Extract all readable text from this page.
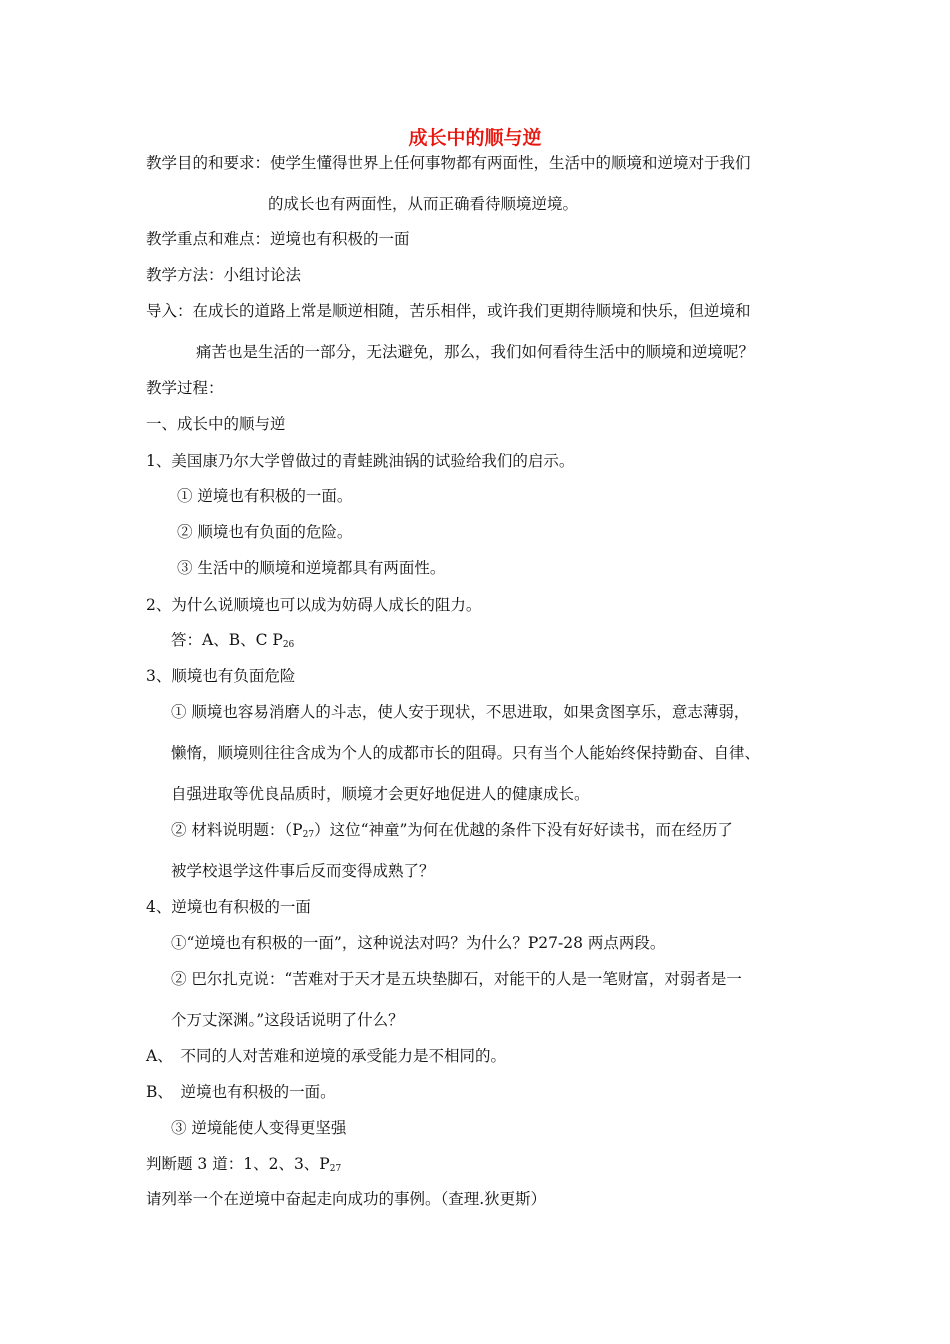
成长中的顺与逆
教学目的和要求：使学生懂得世界上任何事物都有两面性，生活中的顺境和逆境对于我们
的成长也有两面性，从而正确看待顺境逆境。
教学重点和难点：逆境也有积极的一面
教学方法：小组讨论法
导入：在成长的道路上常是顺逆相随，苦乐相伴，或许我们更期待顺境和快乐，但逆境和
痛苦也是生活的一部分，无法避免，那么，我们如何看待生活中的顺境和逆境呢？
教学过程：
一、成长中的顺与逆
1、美国康乃尔大学曾做过的青蛙跳油锅的试验给我们的启示。
① 逆境也有积极的一面。
② 顺境也有负面的危险。
③ 生活中的顺境和逆境都具有两面性。
2、为什么说顺境也可以成为妨碍人成长的阻力。
答：A、B、C P26
3、顺境也有负面危险
① 顺境也容易消磨人的斗志，使人安于现状，不思进取，如果贪图享乐，意志薄弱，
懒惰，顺境则往往含成为个人的成都市长的阻碍。只有当个人能始终保持勤奋、自律、
自强进取等优良品质时，顺境才会更好地促进人的健康成长。
② 材料说明题：（P27）这位“神童”为何在优越的条件下没有好好读书，而在经历了
被学校退学这件事后反而变得成熟了？
4、逆境也有积极的一面
①“逆境也有积极的一面”，这种说法对吗？为什么？P27-28 两点两段。
② 巴尔扎克说：“苦难对于天才是五块垫脚石，对能干的人是一笔财富，对弱者是一
个万丈深渊。”这段话说明了什么？
A、　不同的人对苦难和逆境的承受能力是不相同的。
B、　逆境也有积极的一面。
③ 逆境能使人变得更坚强
判断题 3 道：1、2、3、P27
请列举一个在逆境中奋起走向成功的事例。（查理.狄更斯）
